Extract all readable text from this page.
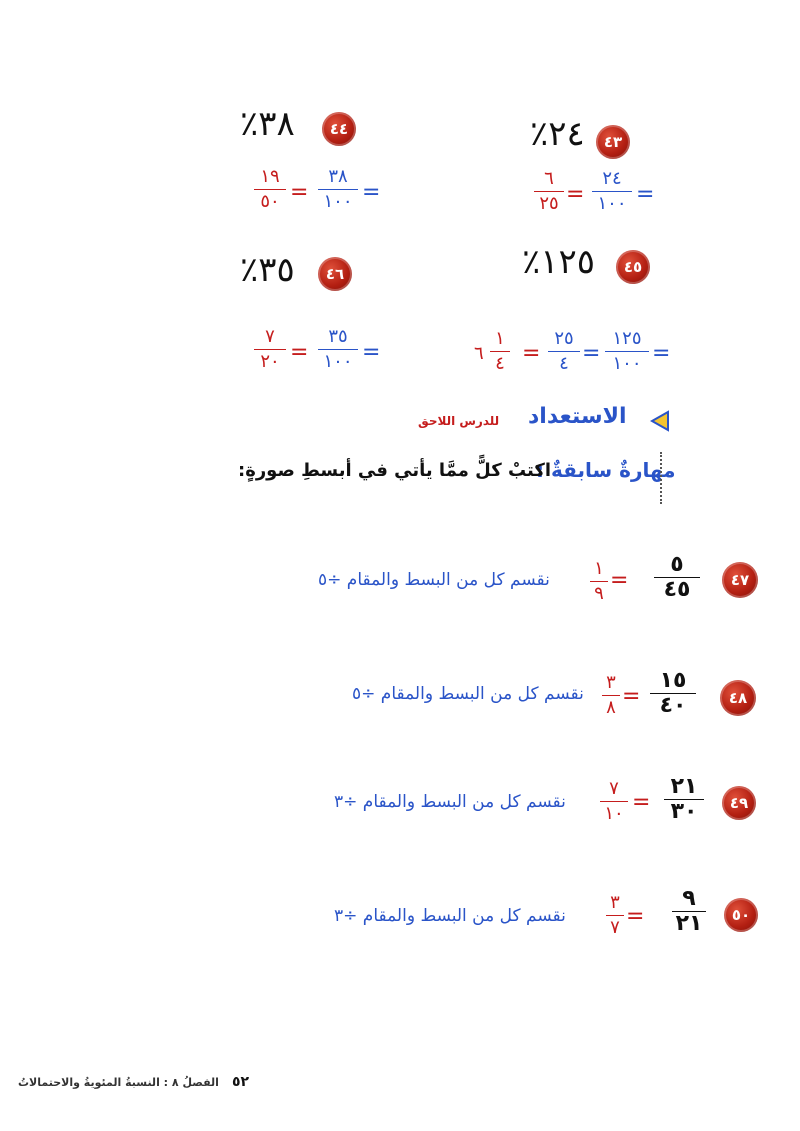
٤٣
٪٢٤
٢٤
١٠٠ =
=
٦
٢٥
٤٤
٪٣٨
٣٨
١٠٠ =
=
١٩
٥٠
٤٥
٪١٢٥
١٢٥
١٠٠ =
=
٢٥
٤
=
١
٤
٦
٤٦
٪٣٥
٣٥
١٠٠ =
=
٧
٢٠
الاستعداد
للدرس اللاحق
مهارةٌ سابقةٌ :
اكتبْ كلًّ ممَّا يأتي في أبسطِ صورةٍ:
٤٧
٥
٤٥
=
١
٩
نقسم كل من البسط والمقام ÷٥
٤٨
١٥
٤٠
=
٣
٨
نقسم كل من البسط والمقام ÷٥
٤٩
٢١
٣٠
=
٧
١٠
نقسم كل من البسط والمقام ÷٣
٥٠
٩
٢١
=
٣
٧
نقسم كل من البسط والمقام ÷٣
٥٢
الفصلُ ٨ : النسبةُ المئويةُ والاحتمالاتُ
